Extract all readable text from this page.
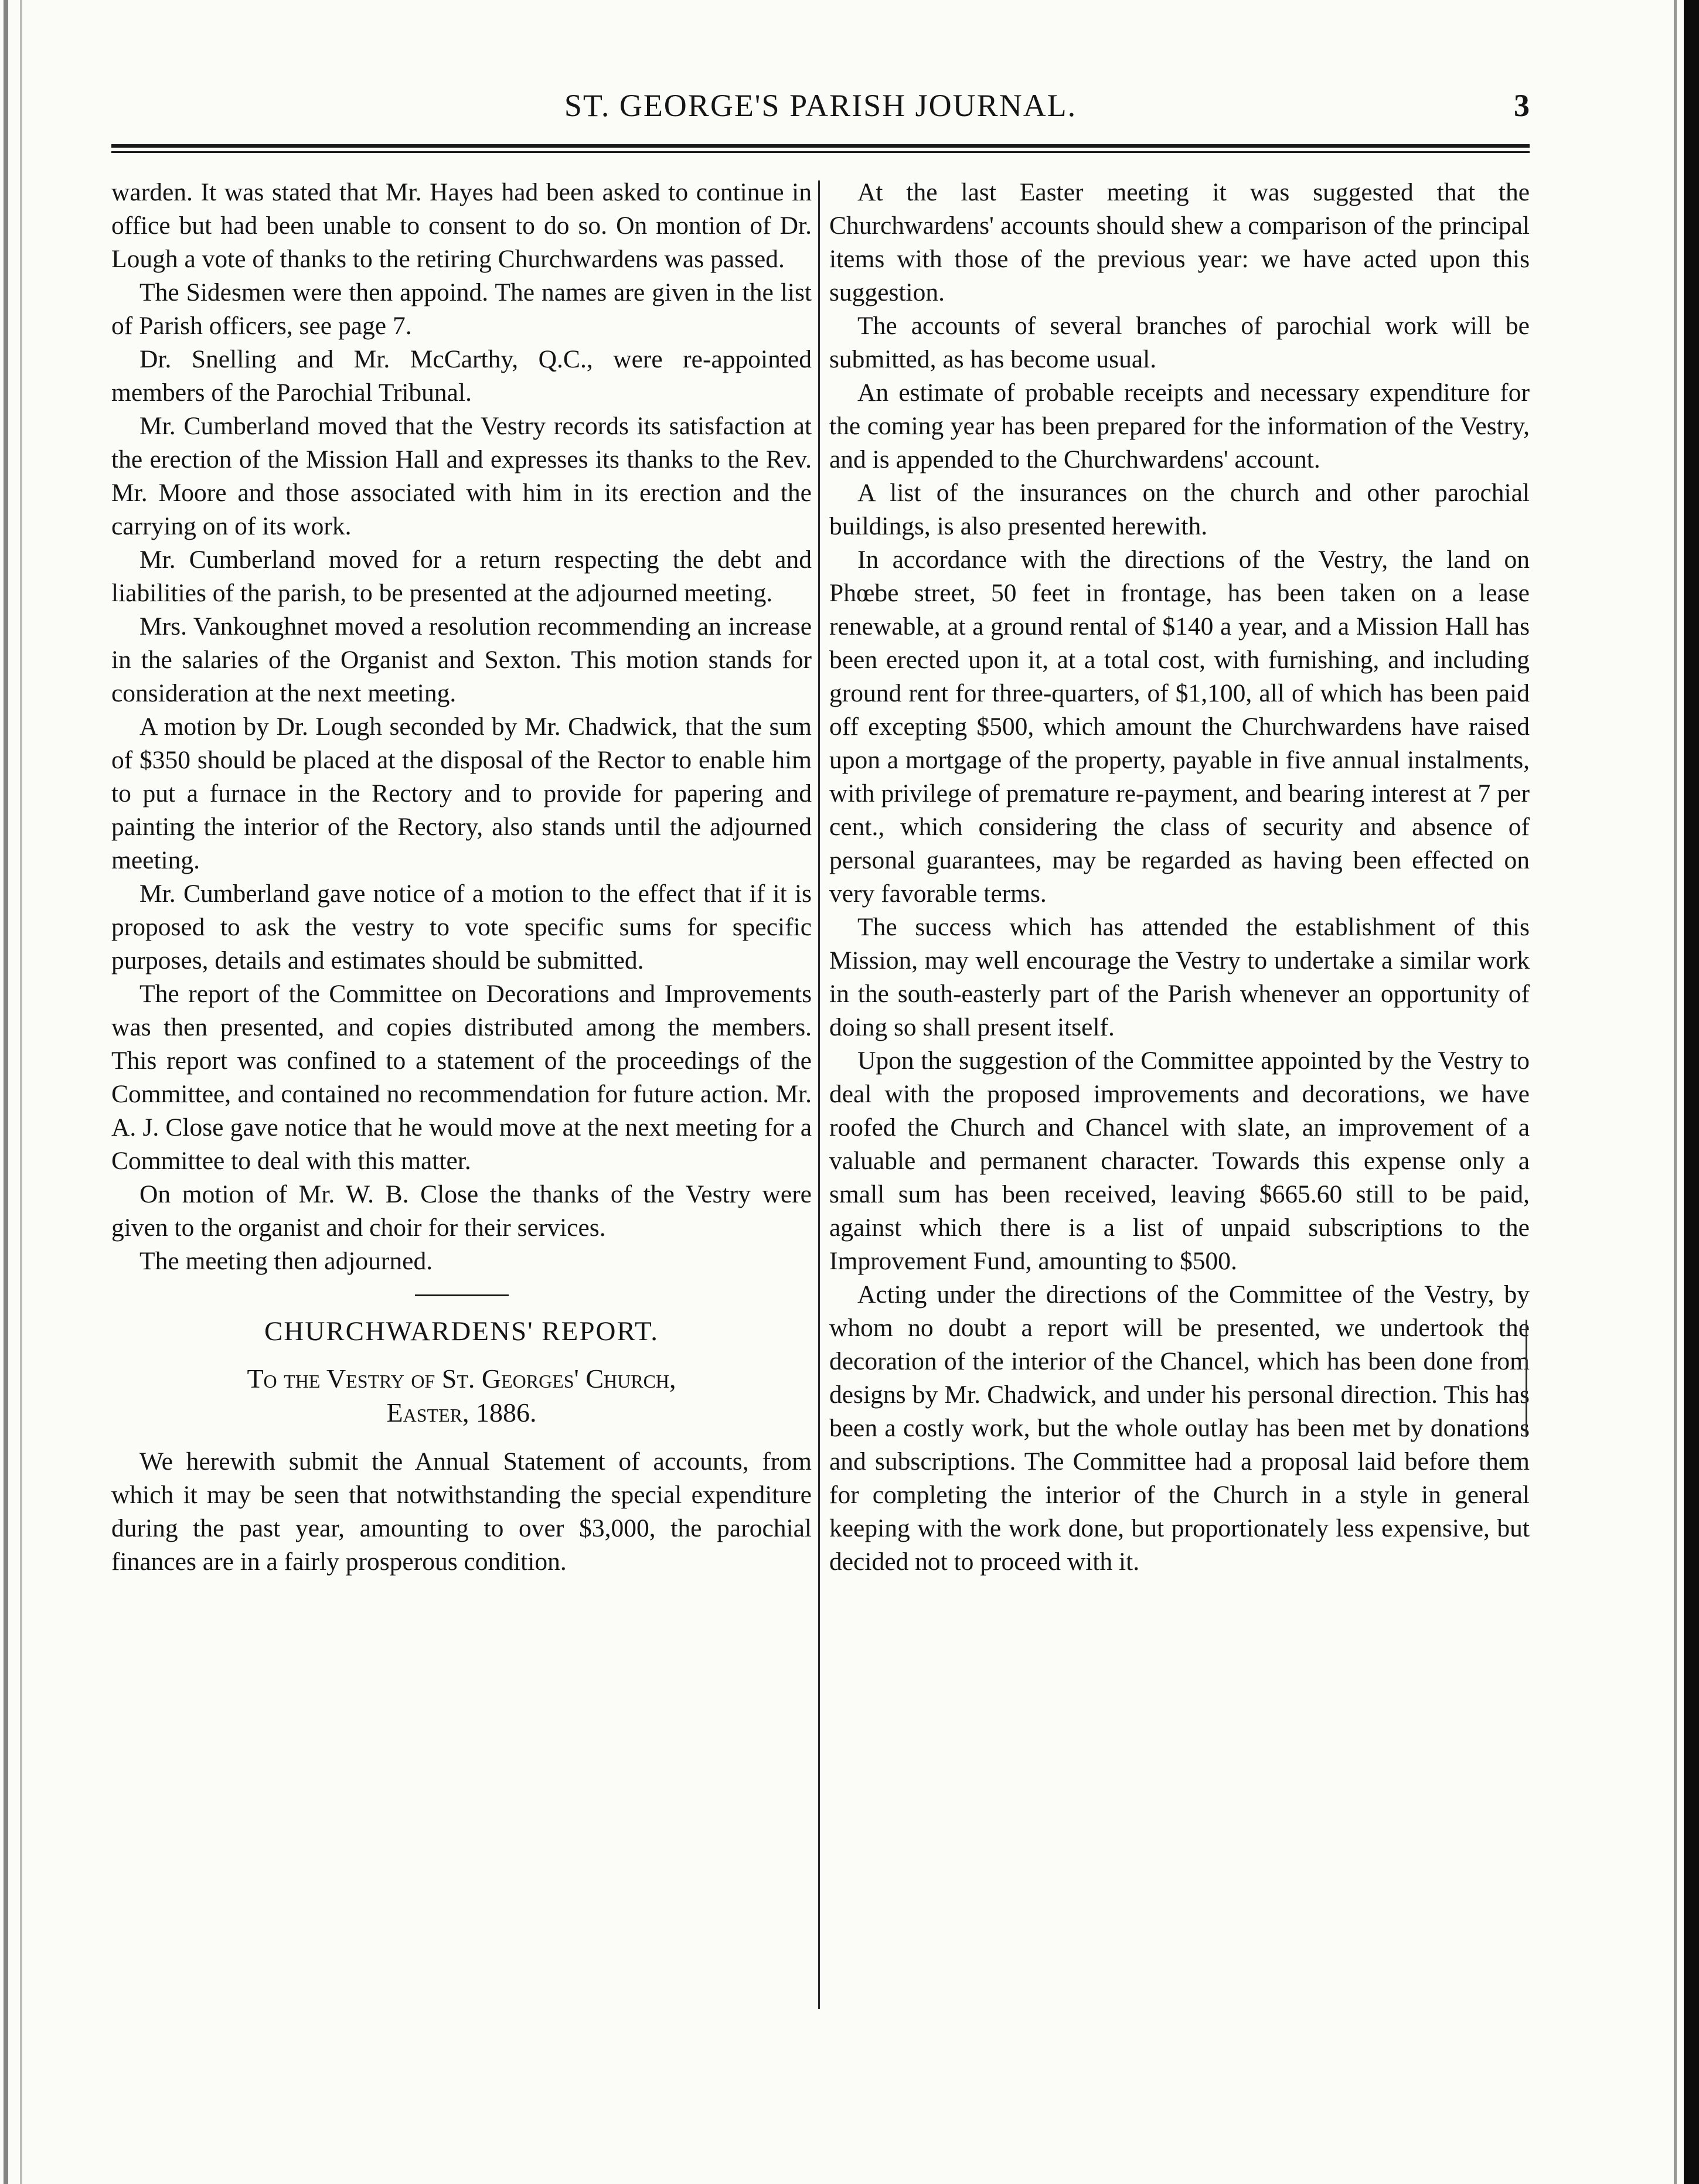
ST. GEORGE'S PARISH JOURNAL.	3

warden. It was stated that Mr. Hayes had been asked to continue in office but had been unable to consent to do so. On montion of Dr. Lough a vote of thanks to the retiring Churchwardens was passed.

The Sidesmen were then appoind. The names are given in the list of Parish officers, see page 7.

Dr. Snelling and Mr. McCarthy, Q.C., were re-appointed members of the Parochial Tribunal.

Mr. Cumberland moved that the Vestry records its satisfaction at the erection of the Mission Hall and expresses its thanks to the Rev. Mr. Moore and those associated with him in its erection and the carrying on of its work.

Mr. Cumberland moved for a return respecting the debt and liabilities of the parish, to be presented at the adjourned meeting.

Mrs. Vankoughnet moved a resolution recommending an increase in the salaries of the Organist and Sexton. This motion stands for consideration at the next meeting.

A motion by Dr. Lough seconded by Mr. Chadwick, that the sum of $350 should be placed at the disposal of the Rector to enable him to put a furnace in the Rectory and to provide for papering and painting the interior of the Rectory, also stands until the adjourned meeting.

Mr. Cumberland gave notice of a motion to the effect that if it is proposed to ask the vestry to vote specific sums for specific purposes, details and estimates should be submitted.

The report of the Committee on Decorations and Improvements was then presented, and copies distributed among the members. This report was confined to a statement of the proceedings of the Committee, and contained no recommendation for future action. Mr. A. J. Close gave notice that he would move at the next meeting for a Committee to deal with this matter.

On motion of Mr. W. B. Close the thanks of the Vestry were given to the organist and choir for their services.

The meeting then adjourned.

CHURCHWARDENS' REPORT.
To the Vestry of St. Georges' Church,
Easter, 1886.

We herewith submit the Annual Statement of accounts, from which it may be seen that notwithstanding the special expenditure during the past year, amounting to over $3,000, the parochial finances are in a fairly prosperous condition.

At the last Easter meeting it was suggested that the Churchwardens' accounts should shew a comparison of the principal items with those of the previous year: we have acted upon this suggestion.

The accounts of several branches of parochial work will be submitted, as has become usual.

An estimate of probable receipts and necessary expenditure for the coming year has been prepared for the information of the Vestry, and is appended to the Churchwardens' account.

A list of the insurances on the church and other parochial buildings, is also presented herewith.

In accordance with the directions of the Vestry, the land on Phœbe street, 50 feet in frontage, has been taken on a lease renewable, at a ground rental of $140 a year, and a Mission Hall has been erected upon it, at a total cost, with furnishing, and including ground rent for three-quarters, of $1,100, all of which has been paid off excepting $500, which amount the Churchwardens have raised upon a mortgage of the property, payable in five annual instalments, with privilege of premature re-payment, and bearing interest at 7 per cent., which considering the class of security and absence of personal guarantees, may be regarded as having been effected on very favorable terms.

The success which has attended the establishment of this Mission, may well encourage the Vestry to undertake a similar work in the south-easterly part of the Parish whenever an opportunity of doing so shall present itself.

Upon the suggestion of the Committee appointed by the Vestry to deal with the proposed improvements and decorations, we have roofed the Church and Chancel with slate, an improvement of a valuable and permanent character. Towards this expense only a small sum has been received, leaving $665.60 still to be paid, against which there is a list of unpaid subscriptions to the Improvement Fund, amounting to $500.

Acting under the directions of the Committee of the Vestry, by whom no doubt a report will be presented, we undertook the decoration of the interior of the Chancel, which has been done from designs by Mr. Chadwick, and under his personal direction. This has been a costly work, but the whole outlay has been met by donations and subscriptions. The Committee had a proposal laid before them for completing the interior of the Church in a style in general keeping with the work done, but proportionately less expensive, but decided not to proceed with it.
